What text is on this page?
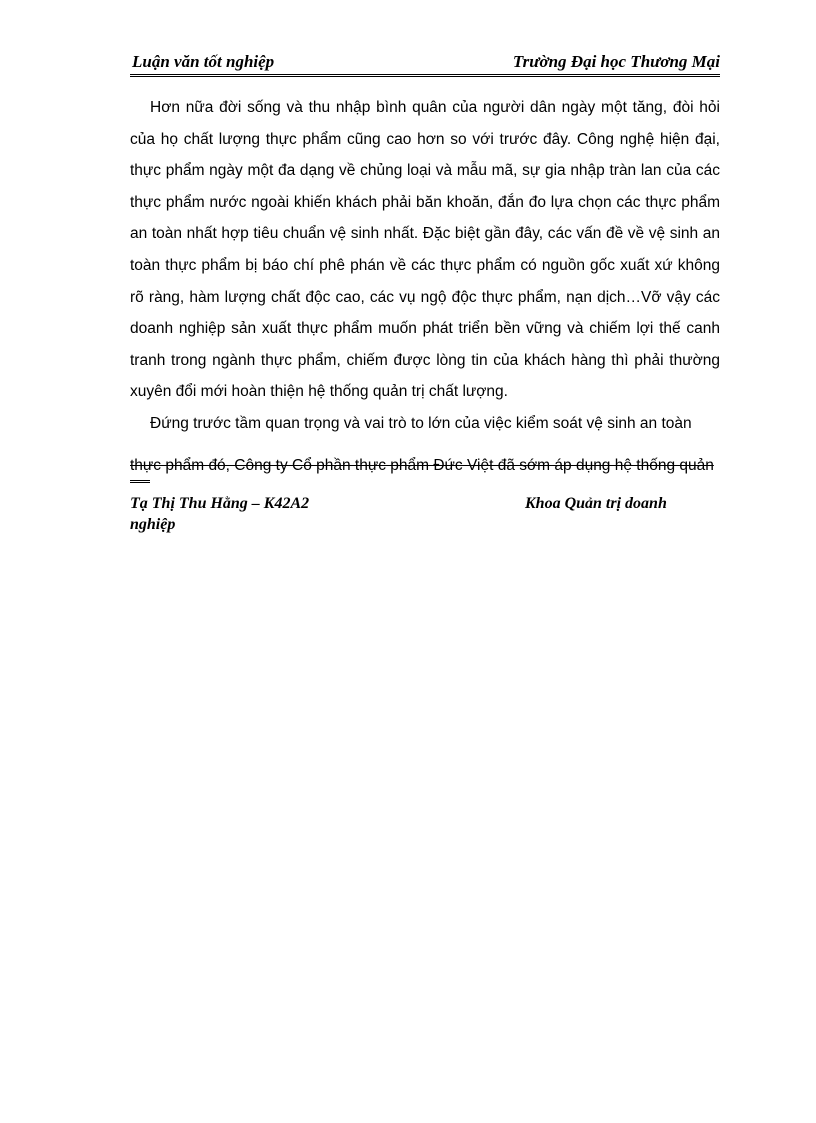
Luận văn tốt nghiệp	Trường Đại học Thương Mại

Hơn nữa đời sống và thu nhập bình quân của người dân ngày một tăng, đòi hỏi của họ chất lượng thực phẩm cũng cao hơn so với trước đây. Công nghệ hiện đại, thực phẩm ngày một đa dạng về chủng loại và mẫu mã, sự gia nhập tràn lan của các thực phẩm nước ngoài khiến khách phải băn khoăn, đắn đo lựa chọn các thực phẩm an toàn nhất hợp tiêu chuẩn vệ sinh nhất. Đặc biệt gần đây, các vấn đề về vệ sinh an toàn thực phẩm bị báo chí phê phán về các thực phẩm có nguồn gốc xuất xứ không rõ ràng, hàm lượng chất độc cao, các vụ ngộ độc thực phẩm, nạn dịch…Vỡ vậy các doanh nghiệp sản xuất thực phẩm muốn phát triển bền vững và chiếm lợi thế canh tranh trong ngành thực phẩm, chiếm được lòng tin của khách hàng thì phải thường xuyên đổi mới hoàn thiện hệ thống quản trị chất lượng.

Đứng trước tầm quan trọng và vai trò to lớn của việc kiểm soát vệ sinh an toàn

thực phẩm đó, Công ty Cổ phần thực phẩm Đức Việt đã sớm áp dụng hệ thống quản
Tạ Thị Thu Hằng – K42A2	Khoa Quản trị doanh
nghiệp
